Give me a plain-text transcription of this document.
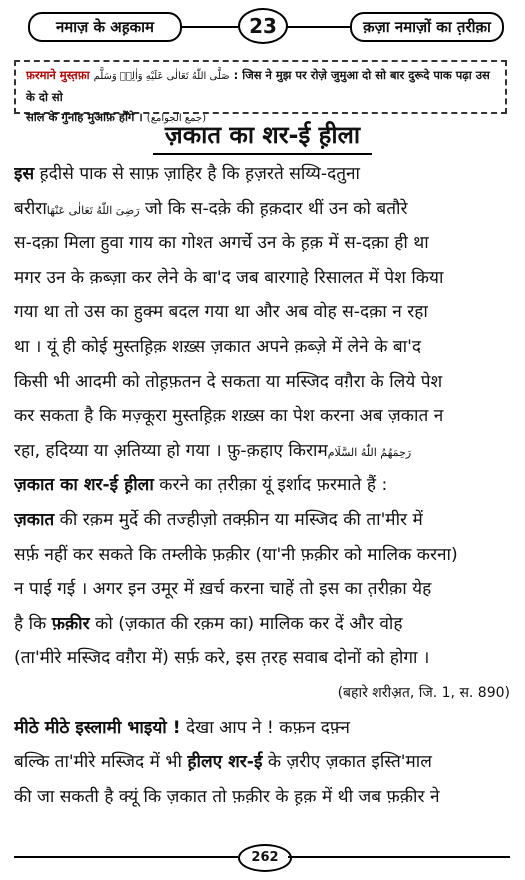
नमाज़ के अह़काम	23	क़ज़ा नमाज़ों का त़रीक़ा
फ़रमाने मुस्त़फ़ा صَلَّى اللّٰهُ تَعَالٰى عَلَيْهِ وَاٰلِهٖ وَسَلَّم : जिस ने मुझ पर रोज़े जुमुआ दो सो बार दुरूदे पाक पढ़ा उस के दो सो
साल के गुनाह मुआफ़ होंगे । (جمع الجوامع)
ज़कात का शर-ई ह़ीला
इस ह़दीसे पाक से साफ़ ज़ाहिर है कि ह़ज़रते सय्यि-दतुना
बरीराرَضِیَ اللّٰهُ تَعَالٰی عَنْهَا जो कि स-दक़े की ह़क़दार थीं उन को बतौरे
स-दक़ा मिला हुवा गाय का गोश्त अगर्चे उन के ह़क़ में स-दक़ा ही था
मगर उन के क़ब्ज़ा कर लेने के बा'द जब बारगाहे रिसालत में पेश किया
गया था तो उस का हुक्म बदल गया था और अब वोह स-दक़ा न रहा
था । यूं ही कोई मुस्तह़िक़ शख़्स ज़कात अपने क़ब्ज़े में लेने के बा'द
किसी भी आदमी को तोह़फ़तन दे सकता या मस्जिद वग़ैरा के लिये पेश
कर सकता है कि मज़्कूरा मुस्तह़िक़ शख़्स का पेश करना अब ज़कात न
रहा, हदिय्या या अ़तिय्या हो गया । फ़ु-क़हाए किरामرَحِمَهُمُ اللّٰهُ السَّلَام
ज़कात का शर-ई ह़ीला करने का त़रीक़ा यूं इर्शाद फ़रमाते हैं :
ज़कात की रक़म मुर्दे की तज्हीज़ो तक्फ़ीन या मस्जिद की ता'मीर में
सर्फ़ नहीं कर सकते कि तम्लीके फ़क़ीर (या'नी फ़क़ीर को मालिक करना)
न पाई गई । अगर इन उमूर में ख़र्च करना चाहें तो इस का त़रीक़ा येह
है कि फ़क़ीर को (ज़कात की रक़म का) मालिक कर दें और वोह
(ता'मीरे मस्जिद वग़ैरा में) सर्फ़ करे, इस त़रह सवाब दोनों को होगा ।
(बहारे शरीअ़त, जि. 1, स. 890)
मीठे मीठे इस्लामी भाइयो ! देखा आप ने ! कफ़न दफ़्न
बल्कि ता'मीरे मस्जिद में भी ह़ीलए शर-ई के ज़रीए ज़कात इस्ति'माल
की जा सकती है क्यूं कि ज़कात तो फ़क़ीर के ह़क़ में थी जब फ़क़ीर ने
262
